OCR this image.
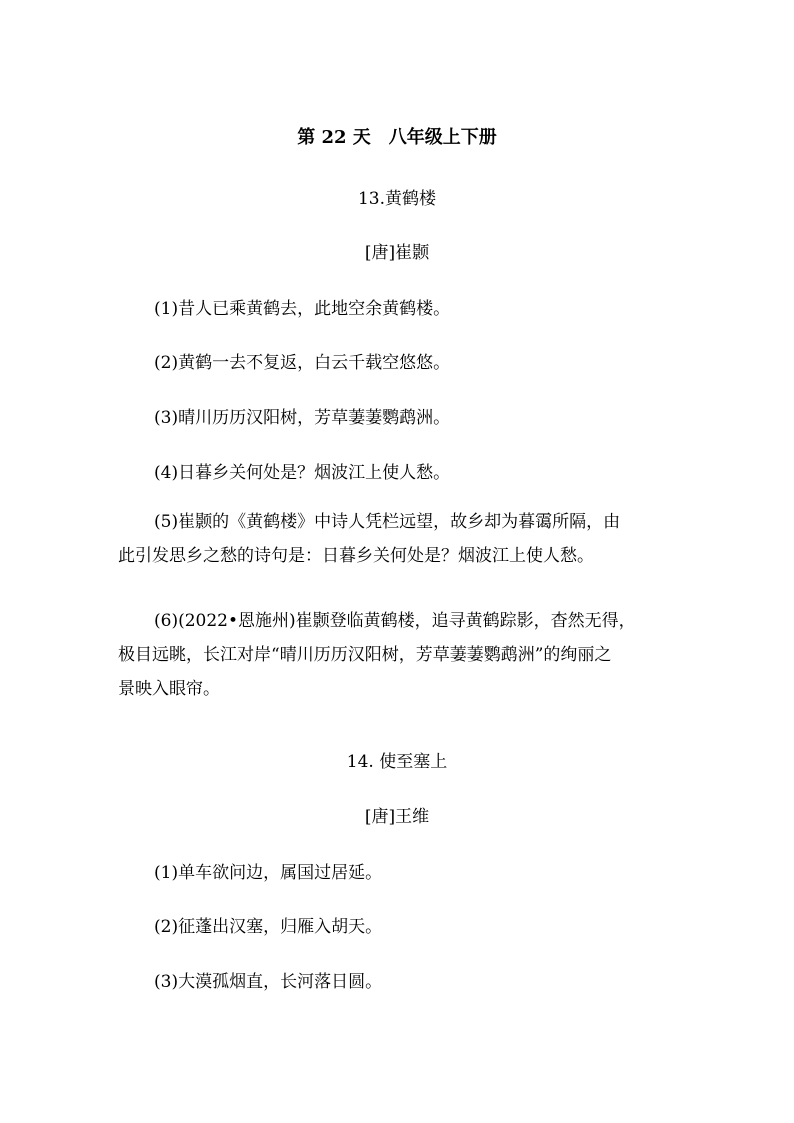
第 22 天　八年级上下册
13.黄鹤楼
[唐]崔颢
(1)昔人已乘黄鹤去，此地空余黄鹤楼。
(2)黄鹤一去不复返，白云千载空悠悠。
(3)晴川历历汉阳树，芳草萋萋鹦鹉洲。
(4)日暮乡关何处是？烟波江上使人愁。
(5)崔颢的《黄鹤楼》中诗人凭栏远望，故乡却为暮霭所隔，由
此引发思乡之愁的诗句是：日暮乡关何处是？烟波江上使人愁。
(6)(2022•恩施州)崔颢登临黄鹤楼，追寻黄鹤踪影，杳然无得，
极目远眺，长江对岸“晴川历历汉阳树，芳草萋萋鹦鹉洲”的绚丽之
景映入眼帘。
14. 使至塞上
[唐]王维
(1)单车欲问边，属国过居延。
(2)征蓬出汉塞，归雁入胡天。
(3)大漠孤烟直，长河落日圆。
